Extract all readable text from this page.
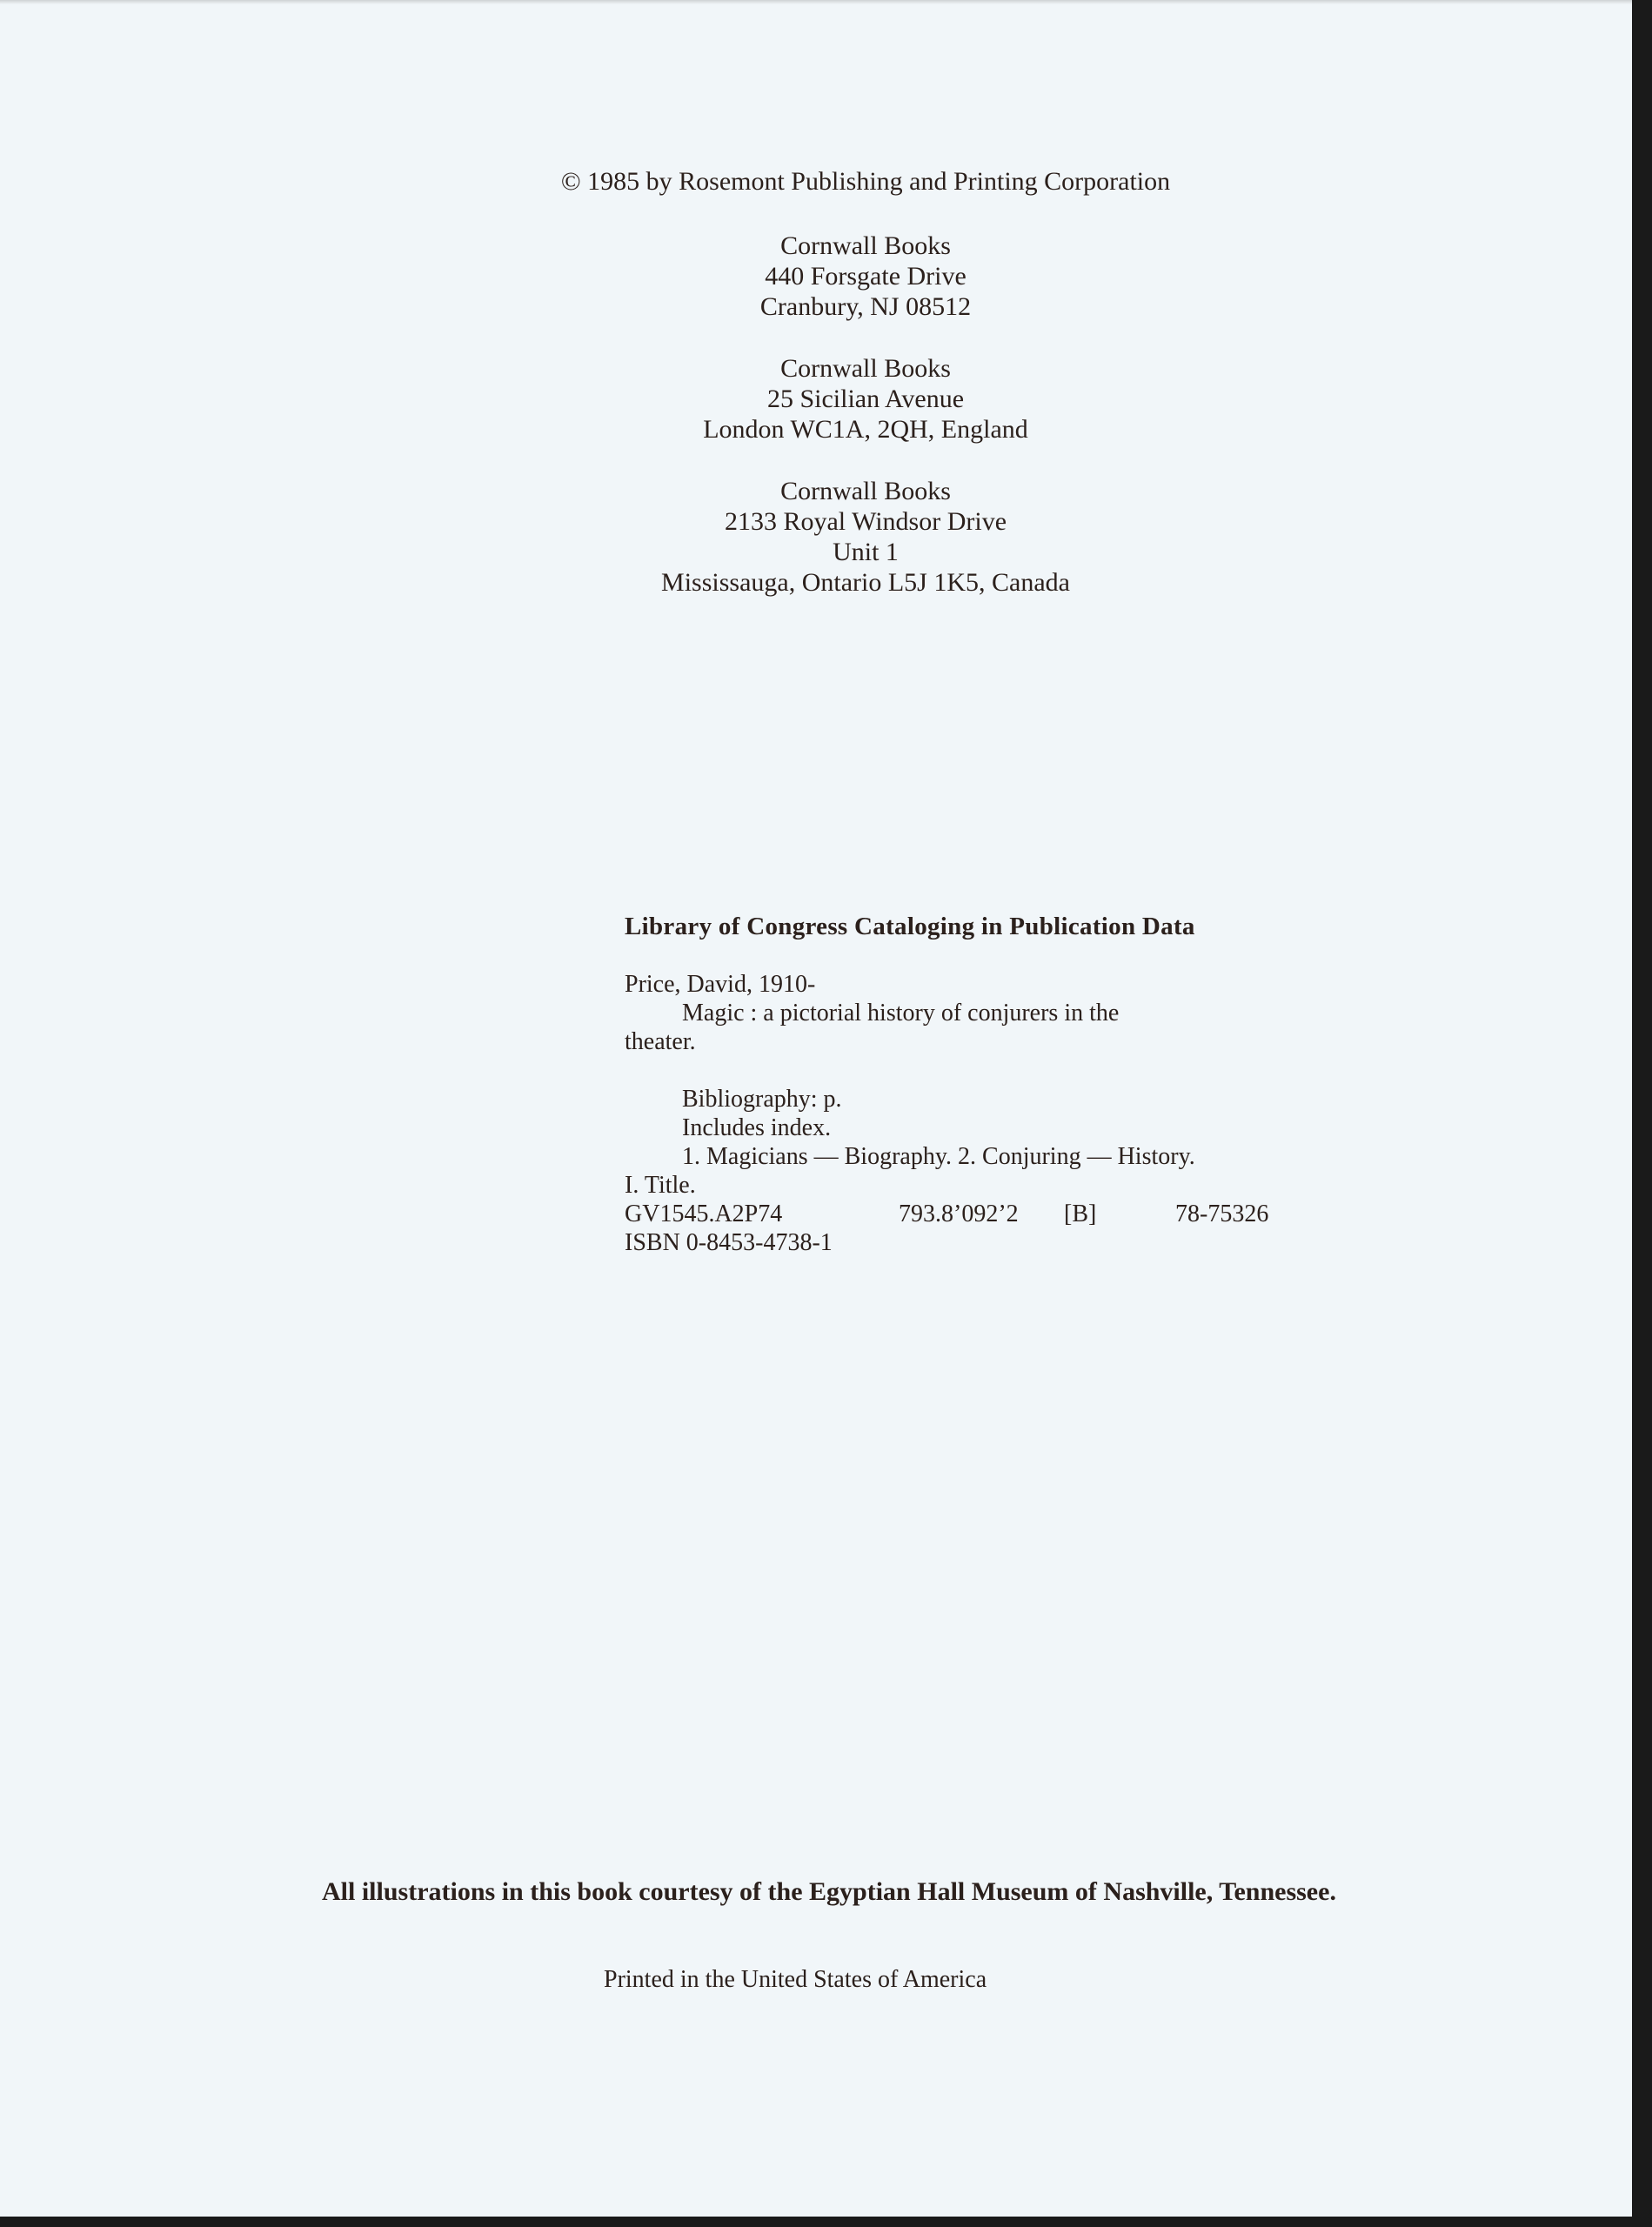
© 1985 by Rosemont Publishing and Printing Corporation
Cornwall Books
440 Forsgate Drive
Cranbury, NJ 08512
Cornwall Books
25 Sicilian Avenue
London WC1A, 2QH, England
Cornwall Books
2133 Royal Windsor Drive
Unit 1
Mississauga, Ontario L5J 1K5, Canada
Library of Congress Cataloging in Publication Data
Price, David, 1910-
Magic : a pictorial history of conjurers in the
theater.
Bibliography: p.
Includes index.
1. Magicians — Biography. 2. Conjuring — History.
I. Title.
GV1545.A2P74	793.8’092’2	[B]	78-75326
ISBN 0-8453-4738-1
All illustrations in this book courtesy of the Egyptian Hall Museum of Nashville, Tennessee.
Printed in the United States of America
